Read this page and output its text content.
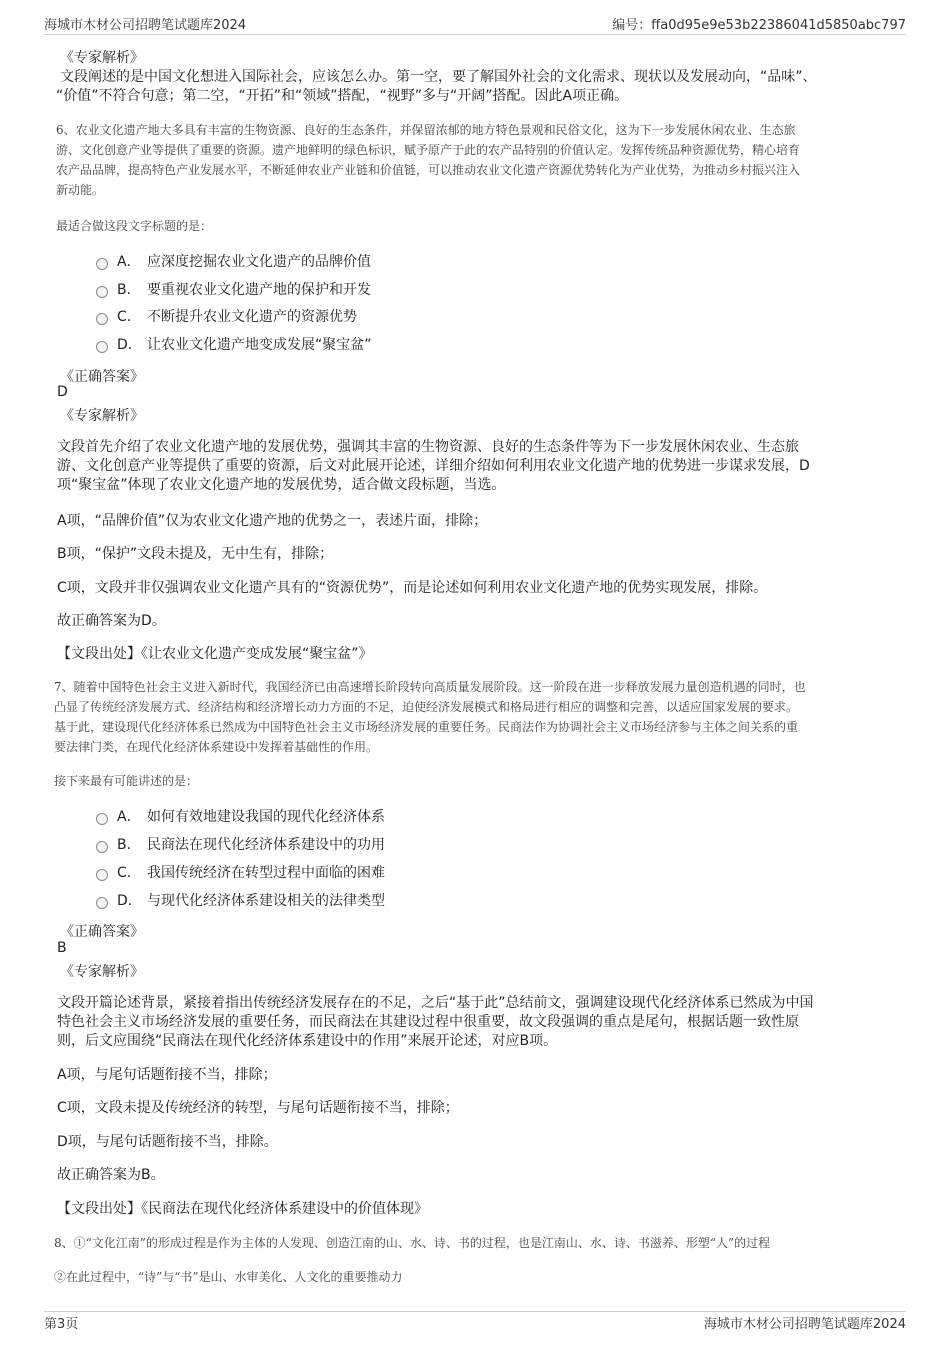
海城市木材公司招聘笔试题库2024	编号：ffa0d95e9e53b22386041d5850abc797
《专家解析》
文段阐述的是中国文化想进入国际社会，应该怎么办。第一空，要了解国外社会的文化需求、现状以及发展动向，“品味”、
“价值”不符合句意；第二空，“开拓”和“领域”搭配，“视野”多与“开阔”搭配。因此A项正确。
6、农业文化遗产地大多具有丰富的生物资源、良好的生态条件，并保留浓郁的地方特色景观和民俗文化，这为下一步发展休闲农业、生态旅
游、文化创意产业等提供了重要的资源。遗产地鲜明的绿色标识，赋予原产于此的农产品特别的价值认定。发挥传统品种资源优势，精心培育
农产品品牌，提高特色产业发展水平，不断延伸农业产业链和价值链，可以推动农业文化遗产资源优势转化为产业优势，为推动乡村振兴注入
新动能。
最适合做这段文字标题的是：
A． 应深度挖掘农业文化遗产的品牌价值
B． 要重视农业文化遗产地的保护和开发
C． 不断提升农业文化遗产的资源优势
D． 让农业文化遗产地变成发展“聚宝盆”
《正确答案》
D
《专家解析》
文段首先介绍了农业文化遗产地的发展优势，强调其丰富的生物资源、良好的生态条件等为下一步发展休闲农业、生态旅
游、文化创意产业等提供了重要的资源，后文对此展开论述，详细介绍如何利用农业文化遗产地的优势进一步谋求发展，D
项“聚宝盆”体现了农业文化遗产地的发展优势，适合做文段标题，当选。
A项，“品牌价值”仅为农业文化遗产地的优势之一，表述片面，排除；
B项，“保护”文段未提及，无中生有，排除；
C项，文段并非仅强调农业文化遗产具有的“资源优势”，而是论述如何利用农业文化遗产地的优势实现发展，排除。
故正确答案为D。
【文段出处】《让农业文化遗产变成发展“聚宝盆”》
7、随着中国特色社会主义进入新时代，我国经济已由高速增长阶段转向高质量发展阶段。这一阶段在进一步释放发展力量创造机遇的同时，也
凸显了传统经济发展方式、经济结构和经济增长动力方面的不足，迫使经济发展模式和格局进行相应的调整和完善，以适应国家发展的要求。
基于此，建设现代化经济体系已然成为中国特色社会主义市场经济发展的重要任务。民商法作为协调社会主义市场经济参与主体之间关系的重
要法律门类，在现代化经济体系建设中发挥着基础性的作用。
接下来最有可能讲述的是：
A． 如何有效地建设我国的现代化经济体系
B． 民商法在现代化经济体系建设中的功用
C． 我国传统经济在转型过程中面临的困难
D． 与现代化经济体系建设相关的法律类型
《正确答案》
B
《专家解析》
文段开篇论述背景，紧接着指出传统经济发展存在的不足，之后“基于此”总结前文，强调建设现代化经济体系已然成为中国
特色社会主义市场经济发展的重要任务，而民商法在其建设过程中很重要，故文段强调的重点是尾句，根据话题一致性原
则，后文应围绕“民商法在现代化经济体系建设中的作用”来展开论述，对应B项。
A项，与尾句话题衔接不当，排除；
C项，文段未提及传统经济的转型，与尾句话题衔接不当，排除；
D项，与尾句话题衔接不当，排除。
故正确答案为B。
【文段出处】《民商法在现代化经济体系建设中的价值体现》
8、①“文化江南”的形成过程是作为主体的人发现、创造江南的山、水、诗、书的过程，也是江南山、水、诗、书滋养、形塑“人”的过程
②在此过程中，“诗”与“书”是山、水审美化、人文化的重要推动力
第3页	海城市木材公司招聘笔试题库2024
